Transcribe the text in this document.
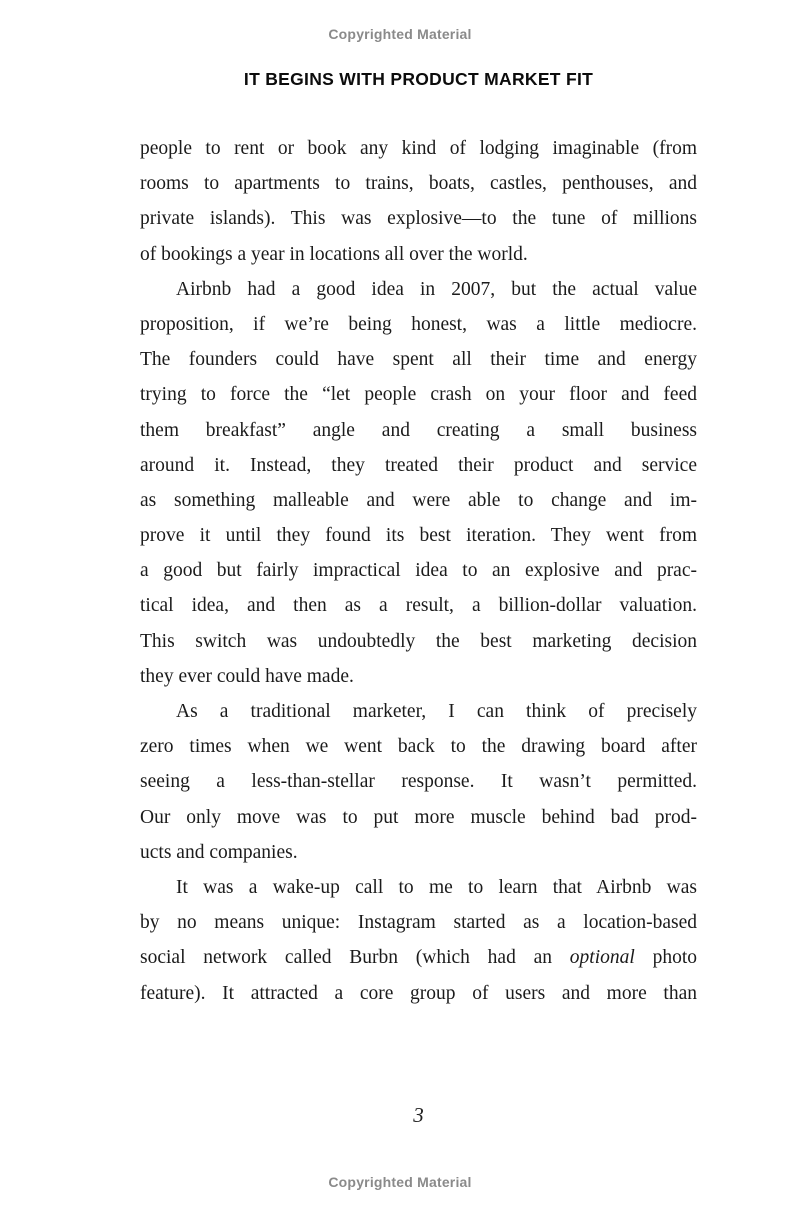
Copyrighted Material
IT BEGINS WITH PRODUCT MARKET FIT
people to rent or book any kind of lodging imaginable (from
rooms to apartments to trains, boats, castles, penthouses, and
private islands). This was explosive—to the tune of millions
of bookings a year in locations all over the world.
Airbnb had a good idea in 2007, but the actual value
proposition, if we’re being honest, was a little mediocre.
The founders could have spent all their time and energy
trying to force the “let people crash on your floor and feed
them breakfast” angle and creating a small business
around it. Instead, they treated their product and service
as something malleable and were able to change and im-
prove it until they found its best iteration. They went from
a good but fairly impractical idea to an explosive and prac-
tical idea, and then as a result, a billion-dollar valuation.
This switch was undoubtedly the best marketing decision
they ever could have made.
As a traditional marketer, I can think of precisely
zero times when we went back to the drawing board after
seeing a less-than-stellar response. It wasn’t permitted.
Our only move was to put more muscle behind bad prod-
ucts and companies.
It was a wake-up call to me to learn that Airbnb was
by no means unique: Instagram started as a location-based
social network called Burbn (which had an optional photo
feature). It attracted a core group of users and more than
3
Copyrighted Material
